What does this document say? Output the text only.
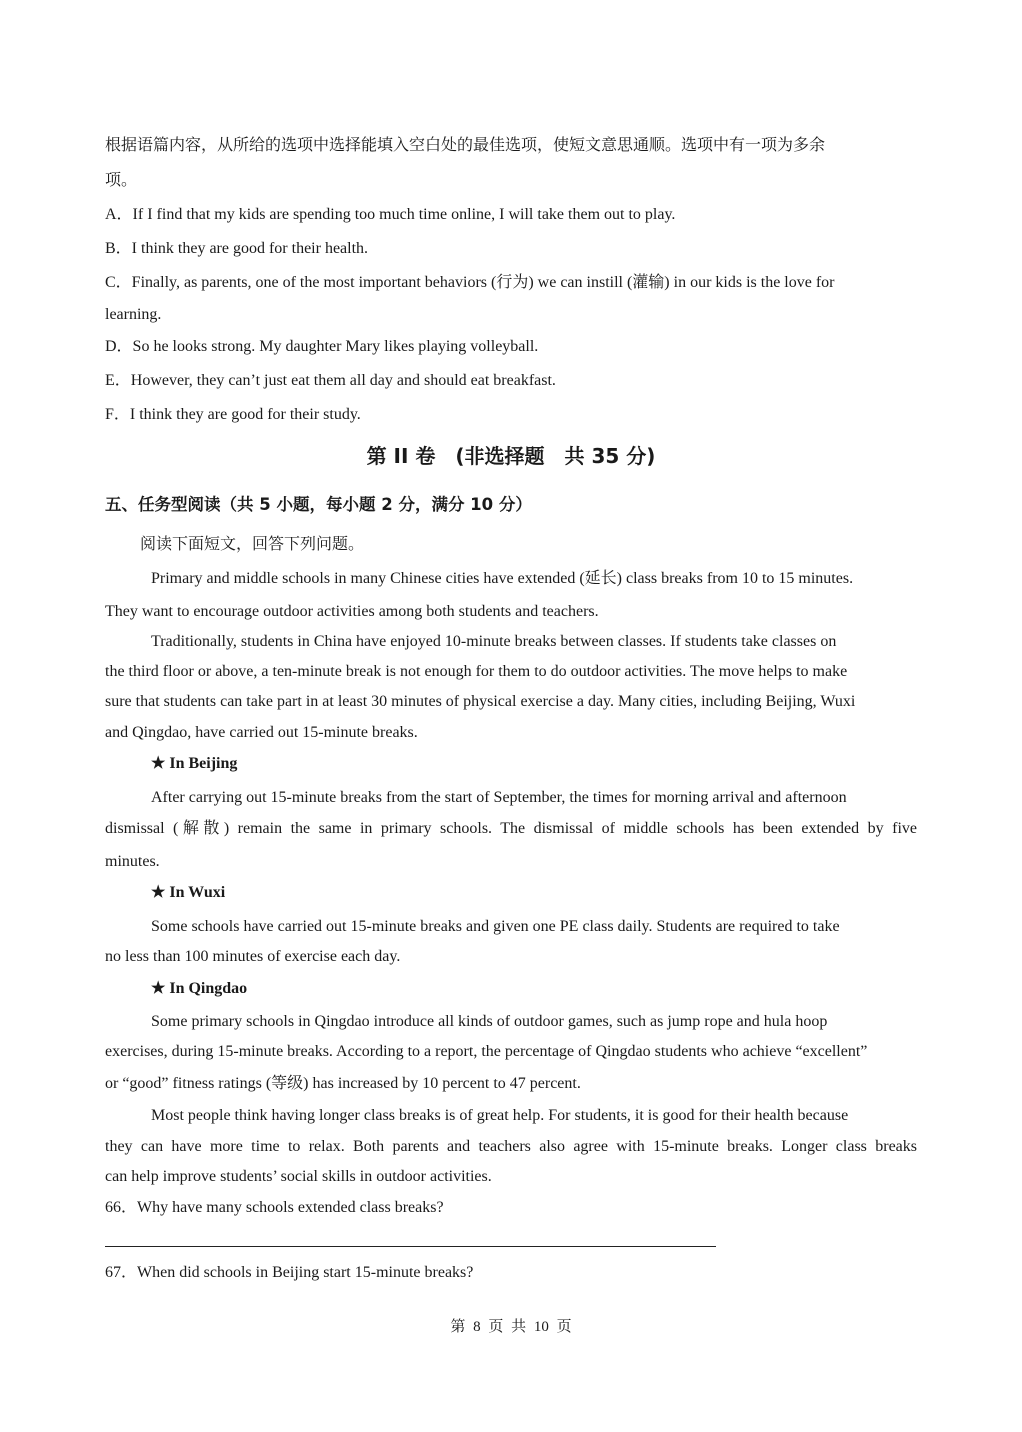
根据语篇内容，从所给的选项中选择能填入空白处的最佳选项，使短文意思通顺。选项中有一项为多余
项。
A．If I find that my kids are spending too much time online, I will take them out to play.
B．I think they are good for their health.
C．Finally, as parents, one of the most important behaviors (行为) we can instill (灌输) in our kids is the love for
learning.
D．So he looks strong. My daughter Mary likes playing volleyball.
E．However, they can’t just eat them all day and should eat breakfast.
F．I think they are good for their study.
第 II 卷　(非选择题　共 35 分)
五、任务型阅读（共 5 小题，每小题 2 分，满分 10 分）
阅读下面短文，回答下列问题。
Primary and middle schools in many Chinese cities have extended (延长) class breaks from 10 to 15 minutes.
They want to encourage outdoor activities among both students and teachers.
Traditionally, students in China have enjoyed 10-minute breaks between classes. If students take classes on
the third floor or above, a ten-minute break is not enough for them to do outdoor activities. The move helps to make
sure that students can take part in at least 30 minutes of physical exercise a day. Many cities, including Beijing, Wuxi
and Qingdao, have carried out 15-minute breaks.
★ In Beijing
After carrying out 15-minute breaks from the start of September, the times for morning arrival and afternoon
dismissal (解散) remain the same in primary schools. The dismissal of middle schools has been extended by five
minutes.
★ In Wuxi
Some schools have carried out 15-minute breaks and given one PE class daily. Students are required to take
no less than 100 minutes of exercise each day.
★ In Qingdao
Some primary schools in Qingdao introduce all kinds of outdoor games, such as jump rope and hula hoop
exercises, during 15-minute breaks. According to a report, the percentage of Qingdao students who achieve “excellent”
or “good” fitness ratings (等级) has increased by 10 percent to 47 percent.
Most people think having longer class breaks is of great help. For students, it is good for their health because
they can have more time to relax. Both parents and teachers also agree with 15-minute breaks. Longer class breaks
can help improve students’ social skills in outdoor activities.
66．Why have many schools extended class breaks?
67．When did schools in Beijing start 15-minute breaks?
第 8 页 共 10 页
